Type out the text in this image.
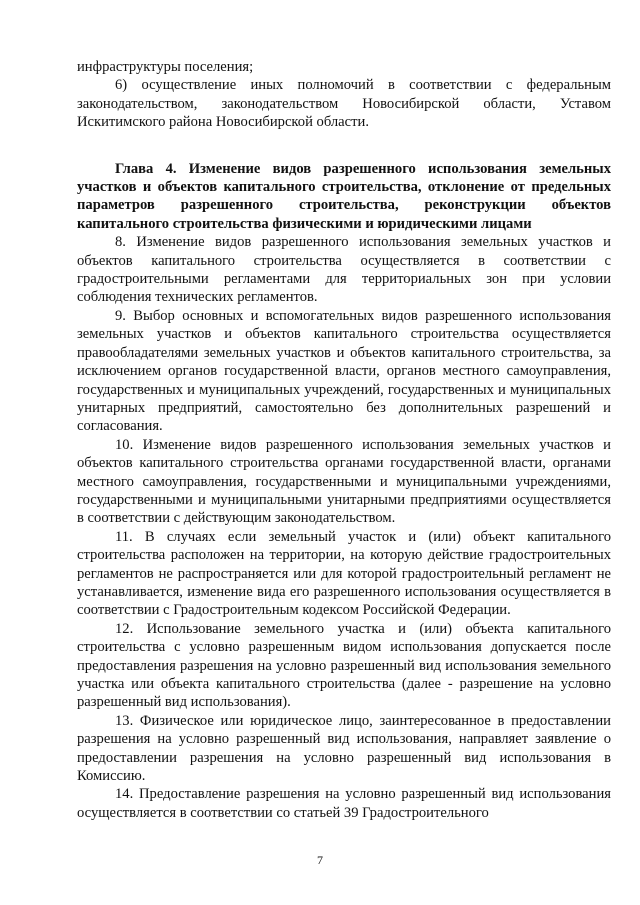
инфраструктуры поселения;

6) осуществление иных полномочий в соответствии с федеральным законодательством, законодательством Новосибирской области, Уставом Искитимского района Новосибирской области.

Глава 4. Изменение видов разрешенного использования земельных участков и объектов капитального строительства, отклонение от предельных параметров разрешенного строительства, реконструкции объектов капитального строительства физическими и юридическими лицами

8. Изменение видов разрешенного использования земельных участков и объектов капитального строительства осуществляется в соответствии с градостроительными регламентами для территориальных зон при условии соблюдения технических регламентов.

9. Выбор основных и вспомогательных видов разрешенного использования земельных участков и объектов капитального строительства осуществляется правообладателями земельных участков и объектов капитального строительства, за исключением органов государственной власти, органов местного самоуправления, государственных и муниципальных учреждений, государственных и муниципальных унитарных предприятий, самостоятельно без дополнительных разрешений и согласования.

10. Изменение видов разрешенного использования земельных участков и объектов капитального строительства органами государственной власти, органами местного самоуправления, государственными и муниципальными учреждениями, государственными и муниципальными унитарными предприятиями осуществляется в соответствии с действующим законодательством.

11. В случаях если земельный участок и (или) объект капитального строительства расположен на территории, на которую действие градостроительных регламентов не распространяется или для которой градостроительный регламент не устанавливается, изменение вида его разрешенного использования осуществляется в соответствии с Градостроительным кодексом Российской Федерации.

12. Использование земельного участка и (или) объекта капитального строительства с условно разрешенным видом использования допускается после предоставления разрешения на условно разрешенный вид использования земельного участка или объекта капитального строительства (далее - разрешение на условно разрешенный вид использования).

13. Физическое или юридическое лицо, заинтересованное в предоставлении разрешения на условно разрешенный вид использования, направляет заявление о предоставлении разрешения на условно разрешенный вид использования в Комиссию.

14. Предоставление разрешения на условно разрешенный вид использования осуществляется в соответствии со статьей 39 Градостроительного

7
